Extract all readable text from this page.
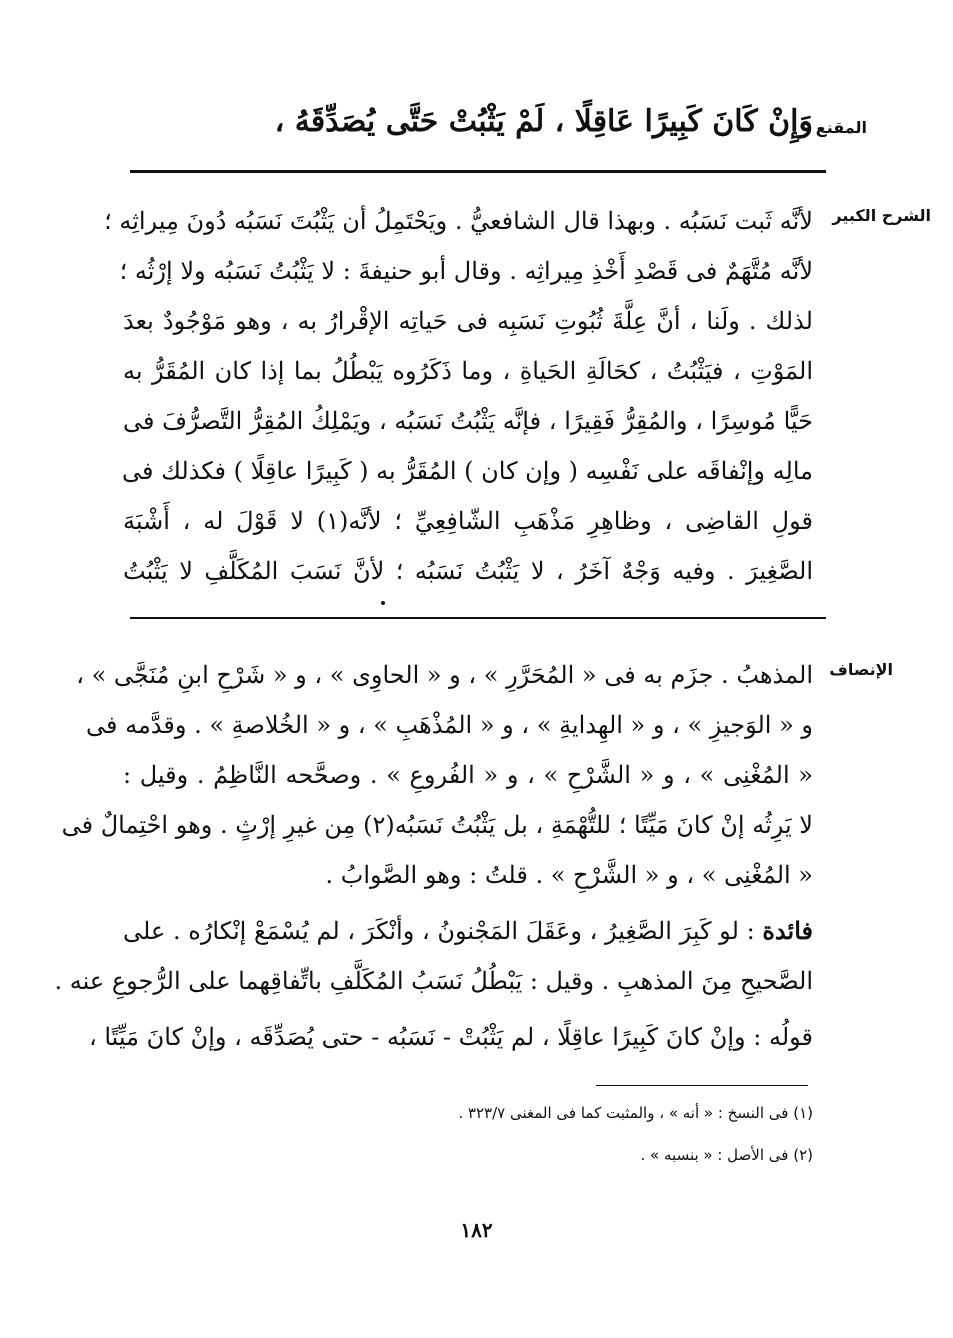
المقنع
وَإِنْ كَانَ كَبِيرًا عَاقِلًا ، لَمْ يَثْبُتْ حَتَّى يُصَدِّقَهُ ،
الشرح الكبير
لأنَّه ثَبت نَسَبُه . وبهذا قال الشافعيُّ . ويَحْتَمِلُ أن يَثْبُتَ نَسَبُه دُونَ مِيراثِه ؛
لأنَّه مُتَّهَمٌ فى قَصْدِ أَخْذِ مِيراثِه . وقال أبو حنيفةَ : لا يَثْبُتُ نَسَبُه ولا إرْثُه ؛
لذلك . ولَنا ، أنَّ عِلَّةَ ثُبُوتِ نَسَبِه فى حَياتِه الإقْرارُ به ، وهو مَوْجُودٌ بعدَ
المَوْتِ ، فيَثْبُتُ ، كحَالَةِ الحَياةِ ، وما ذَكَرُوه يَبْطُلُ بما إذا كان المُقَرُّ به
حَيًّا مُوسِرًا ، والمُقِرُّ فَقِيرًا ، فإنَّه يَثْبُتُ نَسَبُه ، ويَمْلِكُ المُقِرُّ التَّصرُّفَ فى
مالِه وإنْفاقَه على نَفْسِه ( وإن كان ) المُقَرُّ به ( كَبِيرًا عاقِلًا ) فكذلك فى
قولِ القاضِى ، وظاهِرِ مَذْهَبِ الشّافِعِيِّ ؛ لأنَّه(١) لا قَوْلَ له ، أَشْبَهَ
الصَّغِيرَ . وفيه وَجْهٌ آخَرُ ، لا يَثْبُتُ نَسَبُه ؛ لأنَّ نَسَبَ المُكَلَّفِ لا يَثْبُتُ
الإنصاف
المذهبُ . جزَم به فى « المُحَرَّرِ » ، و « الحاوِى » ، و « شَرْحِ ابنِ مُنَجَّى » ،
و « الوَجيزِ » ، و « الهِدايةِ » ، و « المُذْهَبِ » ، و « الخُلاصةِ » . وقدَّمه فى
« المُغْنِى » ، و « الشَّرْحِ » ، و « الفُروعِ » . وصحَّحه النَّاظِمُ . وقيل :
لا يَرِثُه إنْ كانَ مَيِّتًا ؛ للتُّهْمَةِ ، بل يَثْبُتُ نَسَبُه(٢) مِن غيرِ إرْثٍ . وهو احْتِمالٌ فى
« المُغْنِى » ، و « الشَّرْحِ » . قلتُ : وهو الصَّوابُ .
فائدة : لو كَبِرَ الصَّغِيرُ ، وعَقَلَ المَجْنونُ ، وأنْكَرَ ، لم يُسْمَعْ إنْكارُه . على
الصَّحيحِ مِنَ المذهبِ . وقيل : يَبْطُلُ نَسَبُ المُكَلَّفِ باتِّفاقِهما على الرُّجوعِ عنه .
قولُه : وإنْ كانَ كَبِيرًا عاقِلًا ، لم يَثْبُتْ - نَسَبُه - حتى يُصَدِّقَه ، وإنْ كانَ مَيِّتًا ،
(١) فى النسخ : « أنه » ، والمثبت كما فى المغنى ٣٢٣/٧ .
(٢) فى الأصل : « بنسبه » .
١٨٢
